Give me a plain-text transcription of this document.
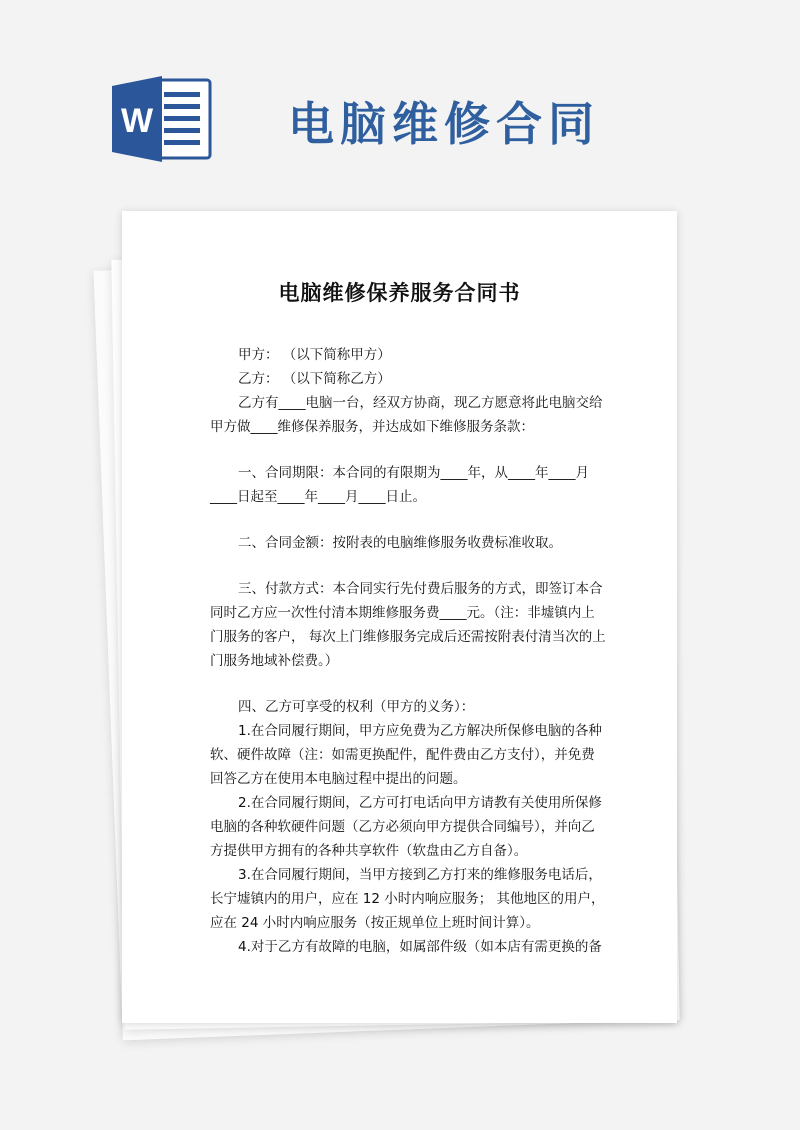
W	电脑维修合同
电脑维修保养服务合同书
甲方： （以下简称甲方）
乙方： （以下简称乙方）
乙方有____电脑一台，经双方协商，现乙方愿意将此电脑交给
甲方做____维修保养服务，并达成如下维修服务条款：
一、合同期限：本合同的有限期为____年，从____年____月
____日起至____年____月____日止。
二、合同金额：按附表的电脑维修服务收费标准收取。
三、付款方式：本合同实行先付费后服务的方式，即签订本合
同时乙方应一次性付清本期维修服务费____元。（注：非墟镇内上
门服务的客户， 每次上门维修服务完成后还需按附表付清当次的上
门服务地域补偿费。）
四、乙方可享受的权利（甲方的义务）：
1.在合同履行期间，甲方应免费为乙方解决所保修电脑的各种
软、硬件故障（注：如需更换配件，配件费由乙方支付），并免费
回答乙方在使用本电脑过程中提出的问题。
2.在合同履行期间，乙方可打电话向甲方请教有关使用所保修
电脑的各种软硬件问题（乙方必须向甲方提供合同编号），并向乙
方提供甲方拥有的各种共享软件（软盘由乙方自备）。
3.在合同履行期间，当甲方接到乙方打来的维修服务电话后，
长宁墟镇内的用户，应在 12 小时内响应服务； 其他地区的用户，
应在 24 小时内响应服务（按正规单位上班时间计算）。
4.对于乙方有故障的电脑，如属部件级（如本店有需更换的备
